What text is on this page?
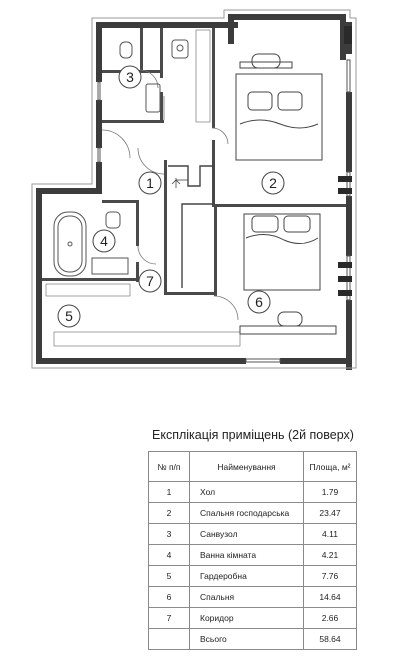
1	2
3
4
5
6
7
Експлікація приміщень (2й поверх)
№ п/п	Найменування	Площа, м²
1	Хол	1.79
2	Спальня господарська	23.47
3	Санвузол	4.11
4	Ванна кімната	4.21
5	Гардеробна	7.76
6	Спальня	14.64
7	Коридор	2.66
	Всього	58.64
